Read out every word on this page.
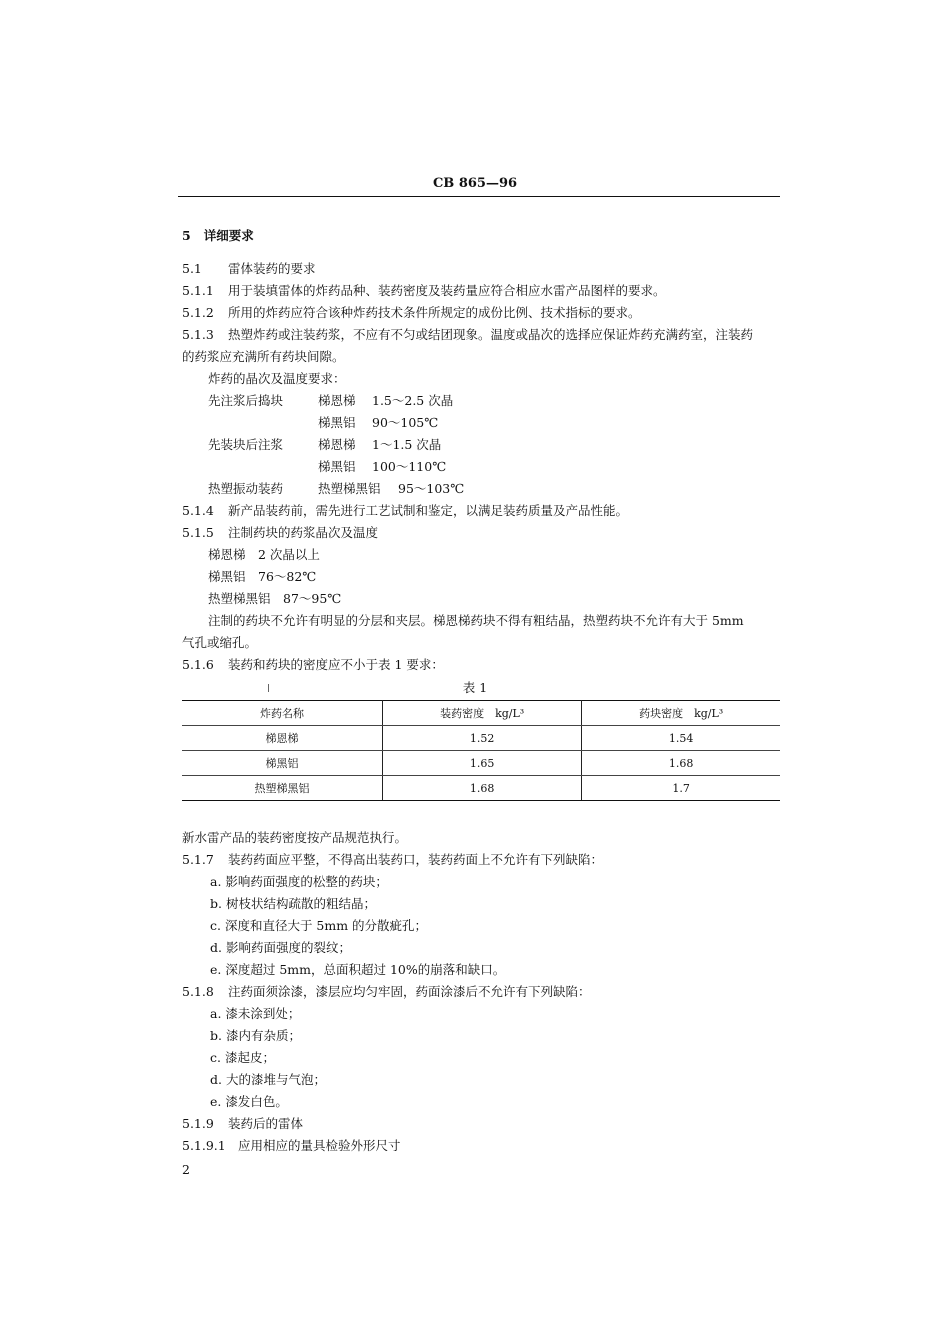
CB 865—96
5 详细要求
5.1 雷体装药的要求
5.1.1 用于装填雷体的炸药品种、装药密度及装药量应符合相应水雷产品图样的要求。
5.1.2 所用的炸药应符合该种炸药技术条件所规定的成份比例、技术指标的要求。
5.1.3 热塑炸药或注装药浆，不应有不匀或结团现象。温度或晶次的选择应保证炸药充满药室，注装药
的药浆应充满所有药块间隙。
炸药的晶次及温度要求：
先注浆后捣块	梯恩梯 1.5～2.5 次晶
梯黑铝 90～105℃
先装块后注浆	梯恩梯 1～1.5 次晶
梯黑铝 100～110℃
热塑振动装药	热塑梯黑铝 95～103℃
5.1.4 新产品装药前，需先进行工艺试制和鉴定，以满足装药质量及产品性能。
5.1.5 注制药块的药浆晶次及温度
梯恩梯　2 次晶以上
梯黑铝　76～82℃
热塑梯黑铝　87～95℃
注制的药块不允许有明显的分层和夹层。梯恩梯药块不得有粗结晶，热塑药块不允许有大于 5mm
气孔或缩孔。
5.1.6 装药和药块的密度应不小于表 1 要求：
表 1
炸药名称	装药密度　kg/L³	药块密度　kg/L³
梯恩梯	1.52	1.54
梯黑铝	1.65	1.68
热塑梯黑铝	1.68	1.7
新水雷产品的装药密度按产品规范执行。
5.1.7 装药药面应平整，不得高出装药口，装药药面上不允许有下列缺陷：
a. 影响药面强度的松整的药块；
b. 树枝状结构疏散的粗结晶；
c. 深度和直径大于 5mm 的分散疵孔；
d. 影响药面强度的裂纹；
e. 深度超过 5mm，总面积超过 10%的崩落和缺口。
5.1.8 注药面须涂漆，漆层应均匀牢固，药面涂漆后不允许有下列缺陷：
a. 漆未涂到处；
b. 漆内有杂质；
c. 漆起皮；
d. 大的漆堆与气泡；
e. 漆发白色。
5.1.9 装药后的雷体
5.1.9.1 应用相应的量具检验外形尺寸
2
